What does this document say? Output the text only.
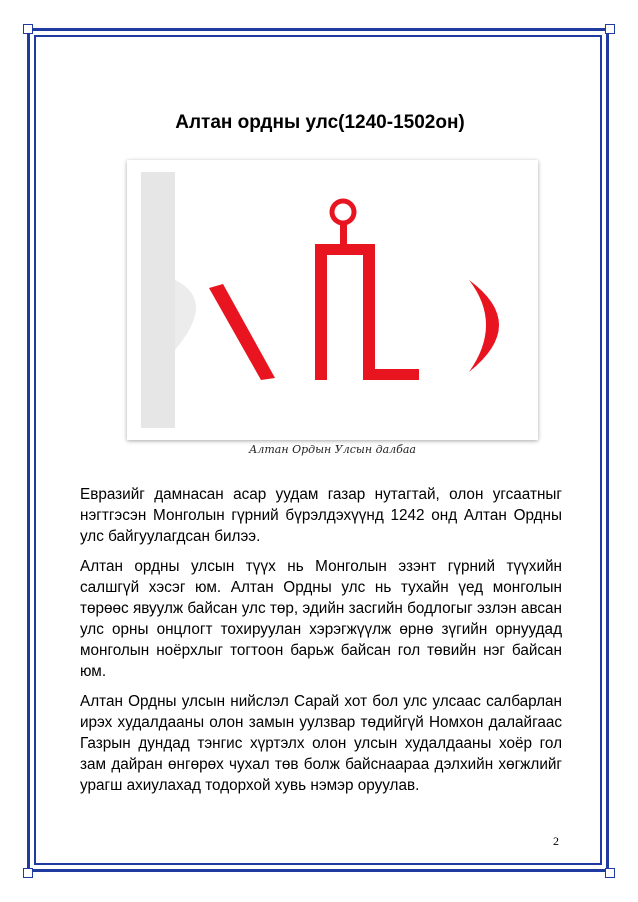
Алтан ордны улс(1240-1502он)
Алтан Ордын Улсын далбаа

Евразийг дамнасан асар уудам газар нутагтай, олон угсаатныг нэгтгэсэн Монголын гүрний бүрэлдэхүүнд 1242 онд Алтан Ордны улс байгуулагдсан билээ.

Алтан ордны улсын түүх нь Монголын эзэнт гүрний түүхийн салшгүй хэсэг юм. Алтан Ордны улс нь тухайн үед монголын төрөөс явуулж байсан улс төр, эдийн засгийн бодлогыг эзлэн авсан улс орны онцлогт тохируулан хэрэгжүүлж өрнө зүгийн орнуудад монголын ноёрхлыг тогтоон барьж байсан гол төвийн нэг байсан юм.

Алтан Ордны улсын нийслэл Сарай хот бол улс улсаас салбарлан ирэх худалдааны олон замын уулзвар төдийгүй Номхон далайгаас Газрын дундад тэнгис хүртэлх олон улсын худалдааны хоёр гол зам дайран өнгөрөх чухал төв болж байснаараа дэлхийн хөгжлийг урагш ахиулахад тодорхой хувь нэмэр оруулав.

2
